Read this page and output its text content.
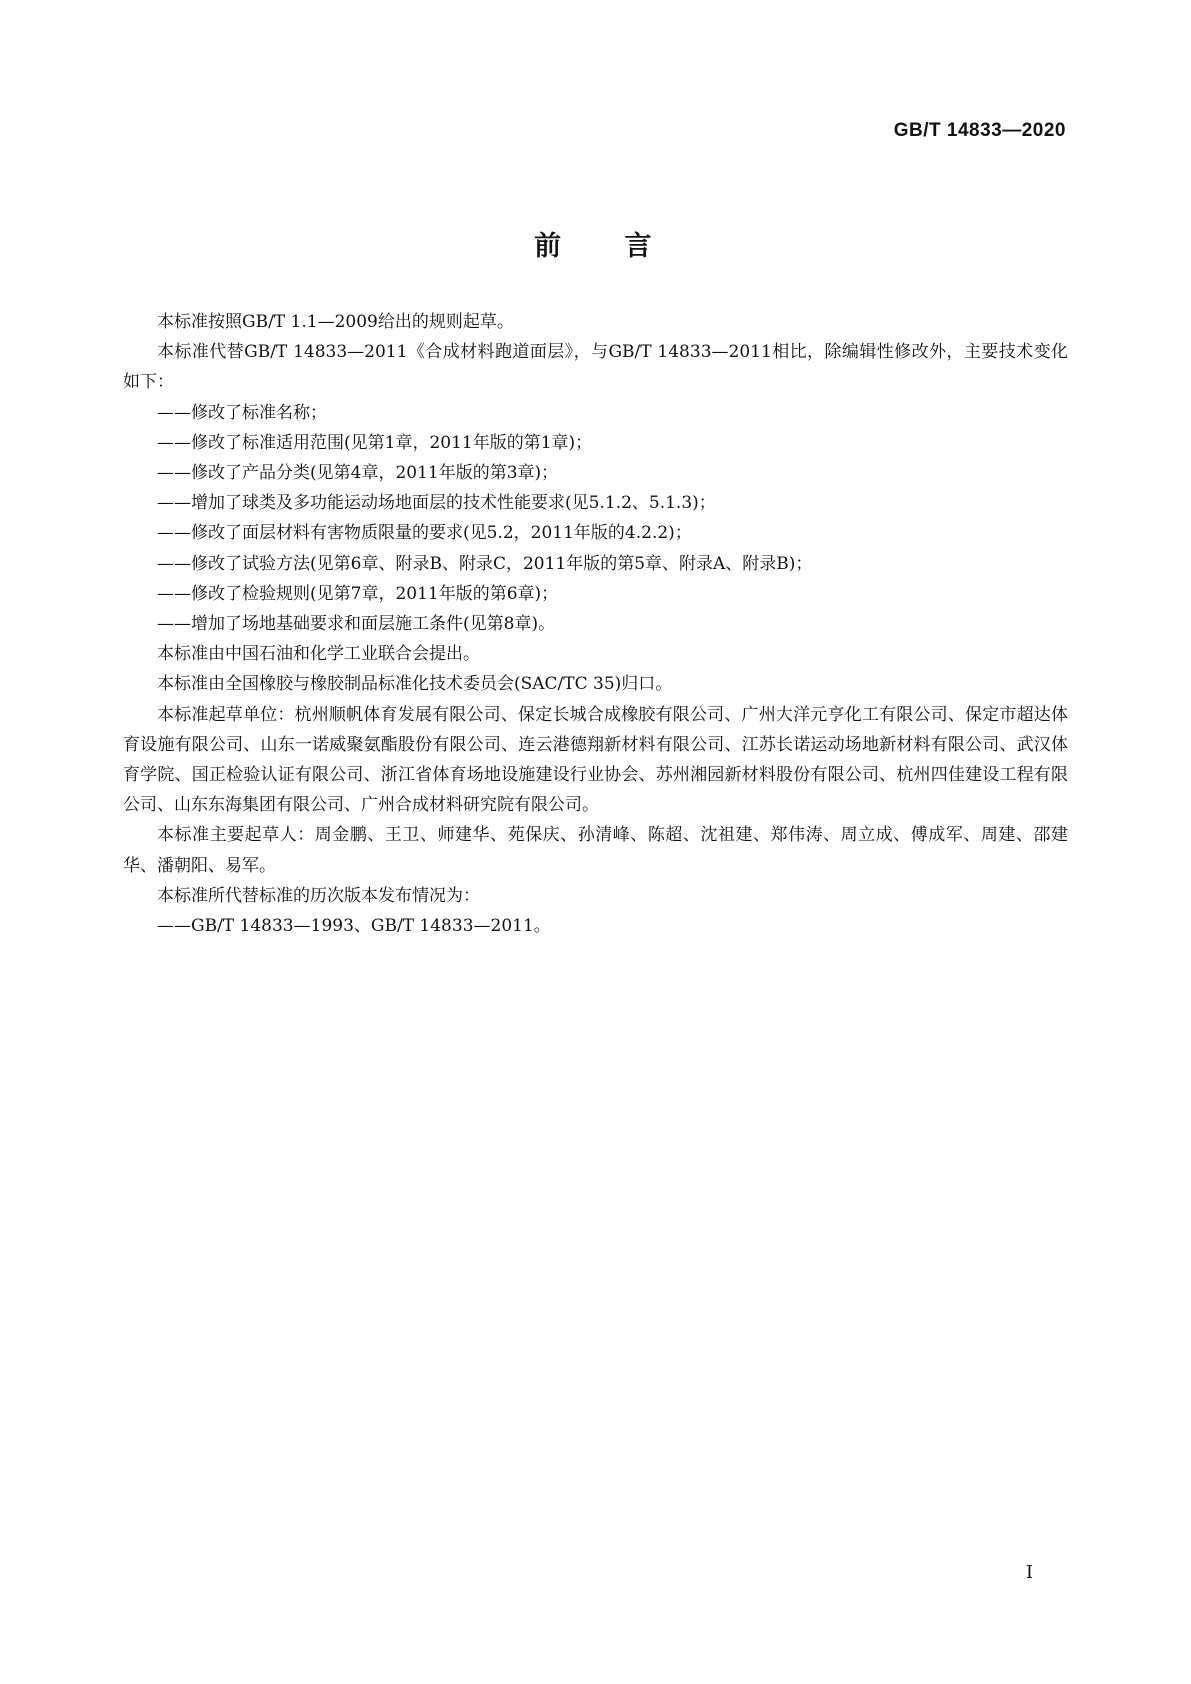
GB/T 14833—2020
前 言

本标准按照GB/T 1.1—2009给出的规则起草。

本标准代替GB/T 14833—2011《合成材料跑道面层》，与GB/T 14833—2011相比，除编辑性修改外，主要技术变化如下：

——修改了标准名称；

——修改了标准适用范围(见第1章，2011年版的第1章)；

——修改了产品分类(见第4章，2011年版的第3章)；

——增加了球类及多功能运动场地面层的技术性能要求(见5.1.2、5.1.3)；

——修改了面层材料有害物质限量的要求(见5.2，2011年版的4.2.2)；

——修改了试验方法(见第6章、附录B、附录C，2011年版的第5章、附录A、附录B)；

——修改了检验规则(见第7章，2011年版的第6章)；

——增加了场地基础要求和面层施工条件(见第8章)。

本标准由中国石油和化学工业联合会提出。

本标准由全国橡胶与橡胶制品标准化技术委员会(SAC/TC 35)归口。

本标准起草单位：杭州顺帆体育发展有限公司、保定长城合成橡胶有限公司、广州大洋元亨化工有限公司、保定市超达体育设施有限公司、山东一诺威聚氨酯股份有限公司、连云港德翔新材料有限公司、江苏长诺运动场地新材料有限公司、武汉体育学院、国正检验认证有限公司、浙江省体育场地设施建设行业协会、苏州湘园新材料股份有限公司、杭州四佳建设工程有限公司、山东东海集团有限公司、广州合成材料研究院有限公司。

本标准主要起草人：周金鹏、王卫、师建华、苑保庆、孙清峰、陈超、沈祖建、郑伟涛、周立成、傅成军、周建、邵建华、潘朝阳、易军。

本标准所代替标准的历次版本发布情况为：

——GB/T 14833—1993、GB/T 14833—2011。

I
